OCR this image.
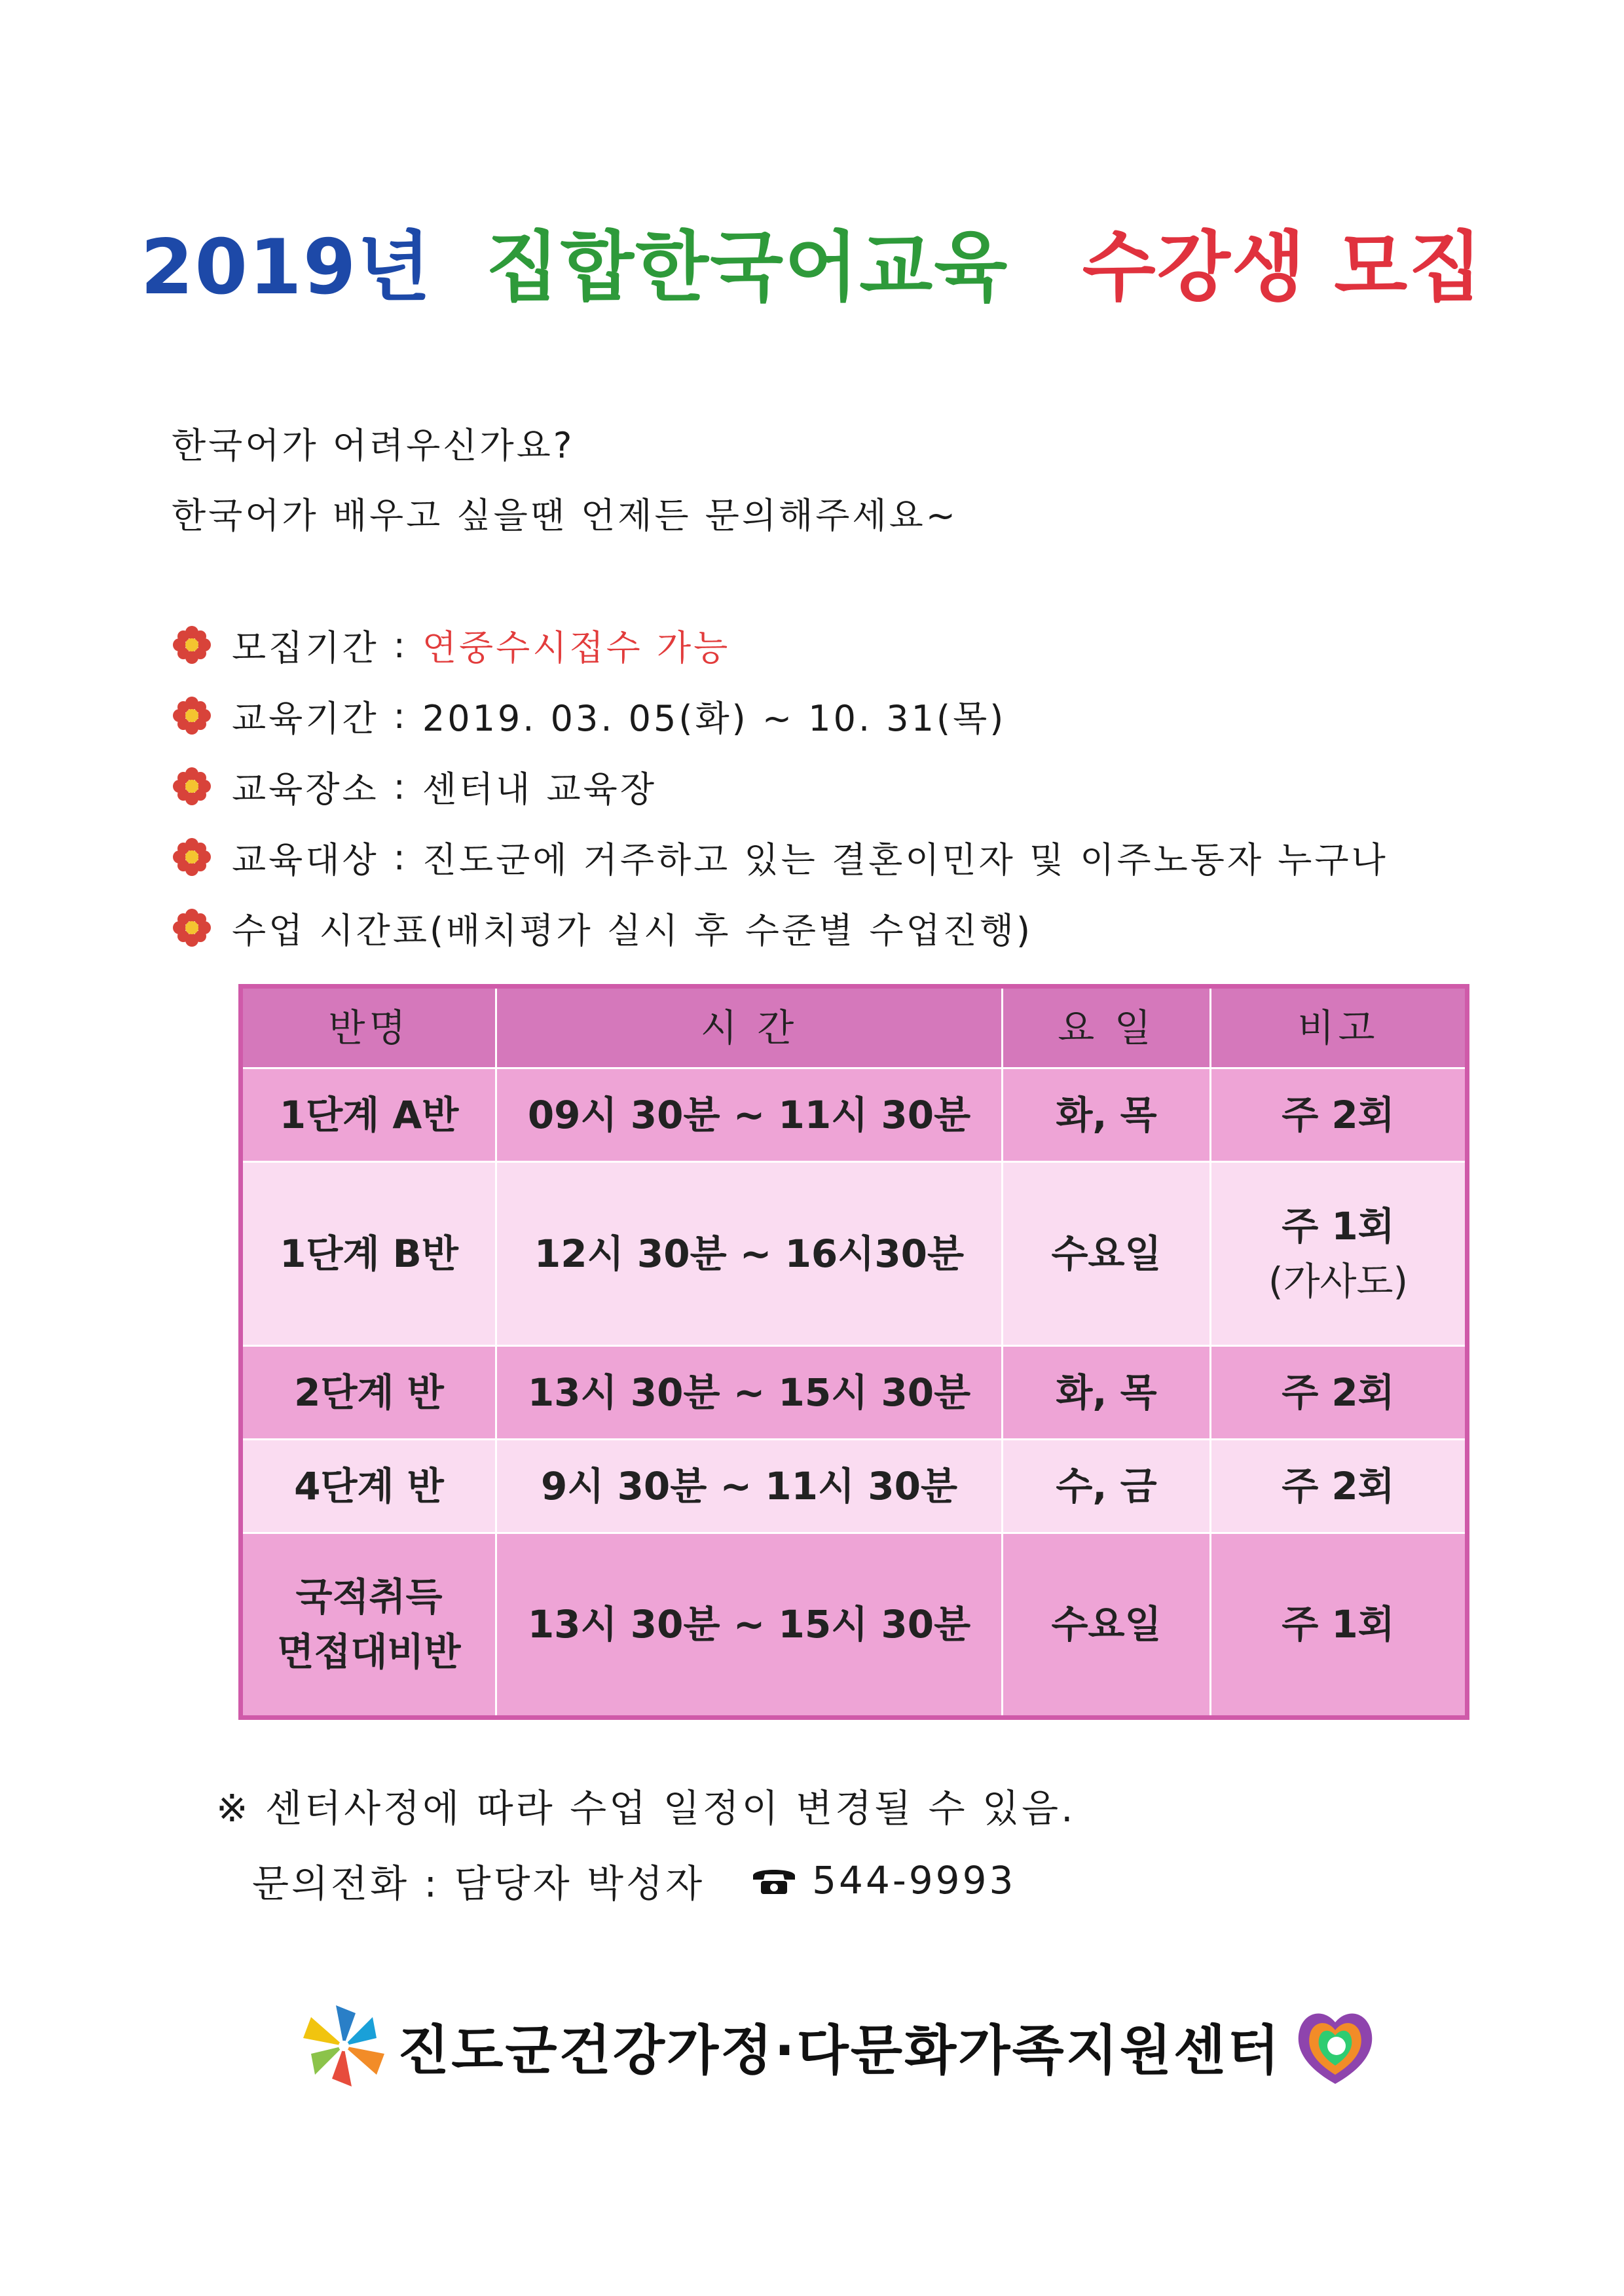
2019년 집합한국어교육 수강생 모집
한국어가 어려우신가요?
한국어가 배우고 싶을땐 언제든 문의해주세요~
모집기간 : 연중수시접수 가능
교육기간 : 2019. 03. 05(화) ~ 10. 31(목)
교육장소 : 센터내 교육장
교육대상 : 진도군에 거주하고 있는 결혼이민자 및 이주노동자 누구나
수업 시간표(배치평가 실시 후 수준별 수업진행)
반명	시 간	요 일	비고

1단계 A반	09시 30분 ~ 11시 30분	화, 목	주 2회

1단계 B반	12시 30분 ~ 16시30분	수요일	주 1회
(가사도)

2단계 반	13시 30분 ~ 15시 30분	화, 목	주 2회

4단계 반	9시 30분 ~ 11시 30분	수, 금	주 2회

국적취득
면접대비반	13시 30분 ~ 15시 30분	수요일	주 1회
※ 센터사정에 따라 수업 일정이 변경될 수 있음.
문의전화 : 담당자 박성자	544-9993
진도군건강가정·다문화가족지원센터
